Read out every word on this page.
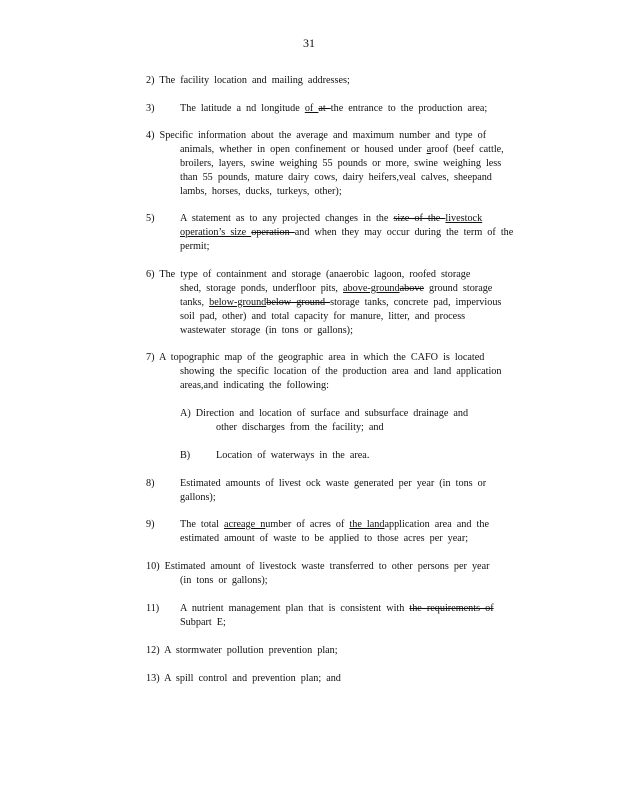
31
2) The facility location and mailing addresses;
3)	The latitude a nd longitude of at the entrance to the production area;
4) Specific information about the average and maximum number and type of
animals, whether in open confinement or housed under aroof (beef cattle,
broilers, layers, swine weighing 55 pounds or more, swine weighing less
than 55 pounds, mature dairy cows, dairy heifers,veal calves, sheepand
lambs, horses, ducks, turkeys, other);
5)	A statement as to any projected changes in the size of the livestock
operation’s size operation and when they may occur during the term of the
permit;
6) The type of containment and storage (anaerobic lagoon, roofed storage
shed, storage ponds, underfloor pits, above-groundabove ground storage
tanks, below-groundbelow ground storage tanks, concrete pad, impervious
soil pad, other) and total capacity for manure, litter, and process
wastewater storage (in tons or gallons);
7) A topographic map of the geographic area in which the CAFO is located
showing the specific location of the production area and land application
areas,and indicating the following:
A) Direction and location of surface and subsurface drainage and
other discharges from the facility; and
B)	Location of waterways in the area.
8)	Estimated amounts of livest ock waste generated per year (in tons or
gallons);
9)	The total acreage number of acres of the landapplication area and the
estimated amount of waste to be applied to those acres per year;
10) Estimated amount of livestock waste transferred to other persons per year
(in tons or gallons);
11) A nutrient management plan that is consistent with the requirements of
Subpart E;
12) A stormwater pollution prevention plan;
13) A spill control and prevention plan; and
